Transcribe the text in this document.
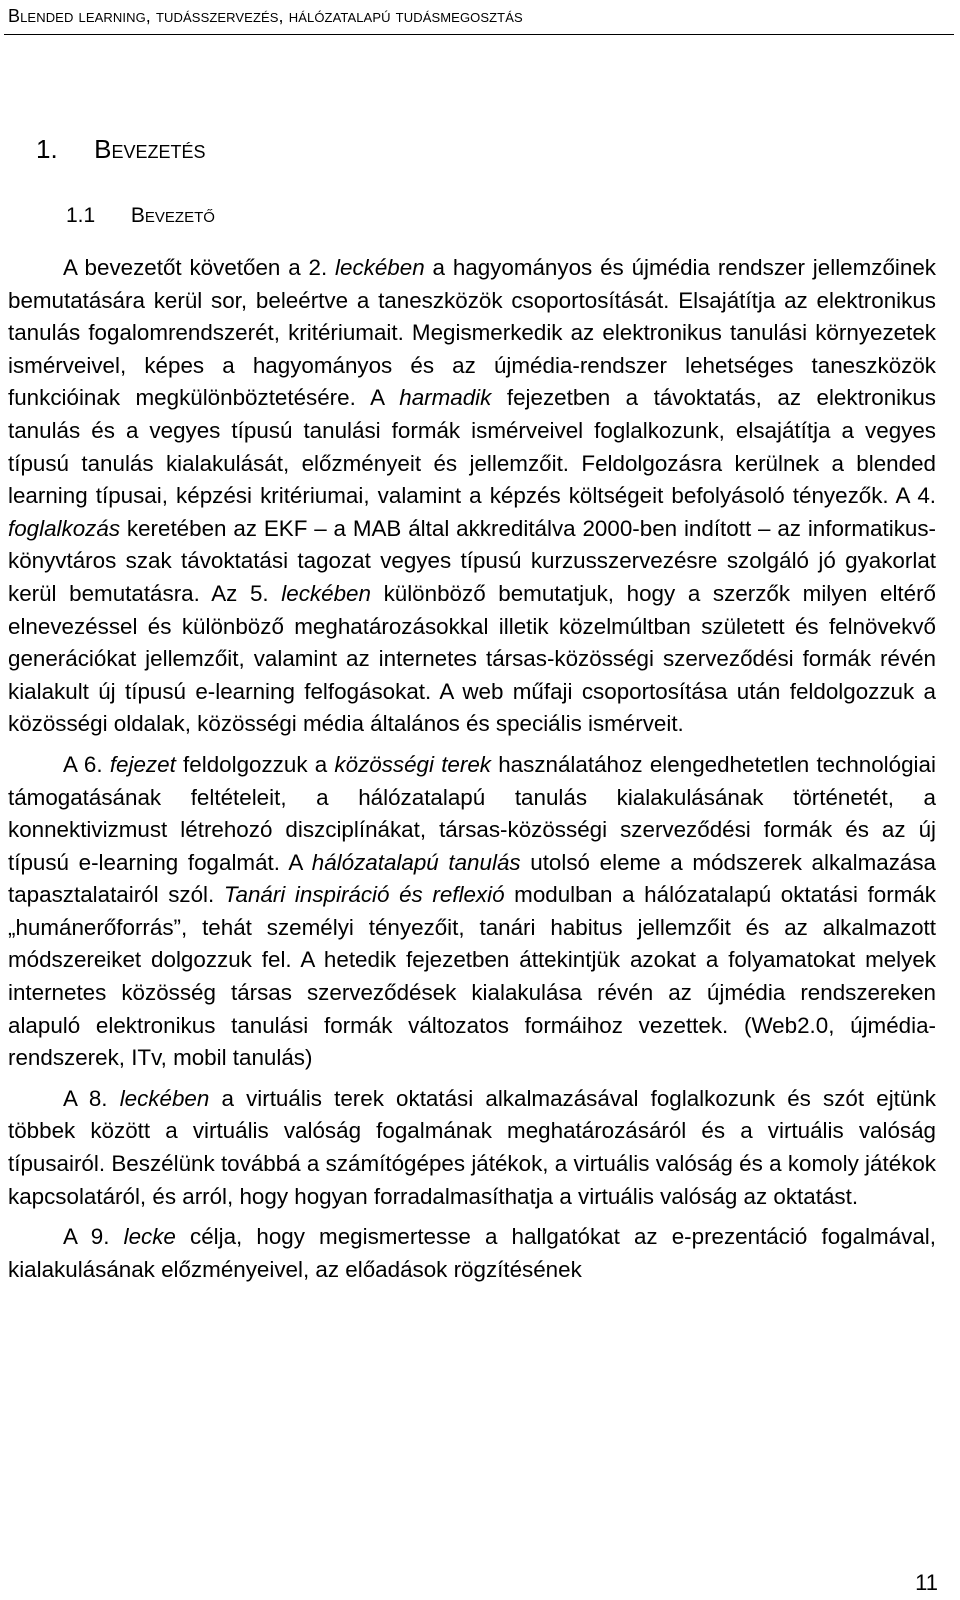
Blended learning, tudásszervezés, hálózatalapú tudásmegosztás
1. Bevezetés
1.1 Bevezető

A bevezetőt követően a 2. leckében a hagyományos és újmédia rendszer jellemzőinek bemutatására kerül sor, beleértve a taneszközök csoportosítását. Elsajátítja az elektronikus tanulás fogalomrendszerét, kritériumait. Megismerkedik az elektronikus tanulási környezetek ismérveivel, képes a hagyományos és az újmédia-rendszer lehetséges taneszközök funkcióinak megkülönböztetésére. A harmadik fejezetben a távoktatás, az elektronikus tanulás és a vegyes típusú tanulási formák ismérveivel foglalkozunk, elsajátítja a vegyes típusú tanulás kialakulását, előzményeit és jellemzőit. Feldolgozásra kerülnek a blended learning típusai, képzési kritériumai, valamint a képzés költségeit befolyásoló tényezők. A 4. foglalkozás keretében az EKF – a MAB által akkreditálva 2000-ben indított – az informatikus-könyvtáros szak távoktatási tagozat vegyes típusú kurzusszervezésre szolgáló jó gyakorlat kerül bemutatásra. Az 5. leckében különböző bemutatjuk, hogy a szerzők milyen eltérő elnevezéssel és különböző meghatározásokkal illetik közelmúltban született és felnövekvő generációkat jellemzőit, valamint az internetes társas-közösségi szerveződési formák révén kialakult új típusú e-learning felfogásokat. A web műfaji csoportosítása után feldolgozzuk a közösségi oldalak, közösségi média általános és speciális ismérveit.

A 6. fejezet feldolgozzuk a közösségi terek használatához elengedhetetlen technológiai támogatásának feltételeit, a hálózatalapú tanulás kialakulásának történetét, a konnektivizmust létrehozó diszciplínákat, társas-közösségi szerveződési formák és az új típusú e-learning fogalmát. A hálózatalapú tanulás utolsó eleme a módszerek alkalmazása tapasztalatairól szól. Tanári inspiráció és reflexió modulban a hálózatalapú oktatási formák „humánerőforrás”, tehát személyi tényezőit, tanári habitus jellemzőit és az alkalmazott módszereiket dolgozzuk fel. A hetedik fejezetben áttekintjük azokat a folyamatokat melyek internetes közösség társas szerveződések kialakulása révén az újmédia rendszereken alapuló elektronikus tanulási formák változatos formáihoz vezettek. (Web2.0, újmédia-rendszerek, ITv, mobil tanulás)

A 8. leckében a virtuális terek oktatási alkalmazásával foglalkozunk és szót ejtünk többek között a virtuális valóság fogalmának meghatározásáról és a virtuális valóság típusairól. Beszélünk továbbá a számítógépes játékok, a virtuális valóság és a komoly játékok kapcsolatáról, és arról, hogy hogyan forradalmasíthatja a virtuális valóság az oktatást.

A 9. lecke célja, hogy megismertesse a hallgatókat az e-prezentáció fogalmával, kialakulásának előzményeivel, az előadások rögzítésének

11
